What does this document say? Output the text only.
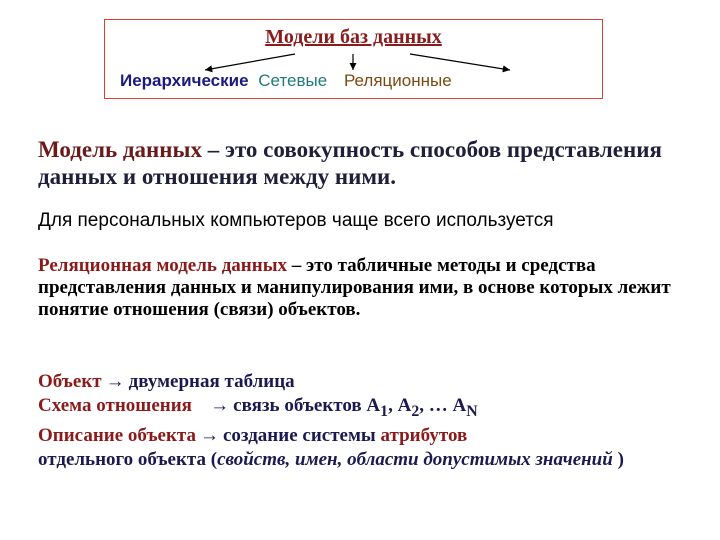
Модели баз данных
Иерархические Сетевые Реляционные
Модель данных – это совокупность способов представления данных и отношения между ними.
Для персональных компьютеров чаще всего используется
Реляционная модель данных – это табличные методы и средства представления данных и манипулирования ими, в основе которых лежит понятие отношения (связи) объектов.
Объект → двумерная таблица
Схема отношения → связь объектов $А_1$, $А_2$, … $А_N$
Описание объекта → создание системы атрибутов
отдельного объекта (свойств, имен, области допустимых значений )
